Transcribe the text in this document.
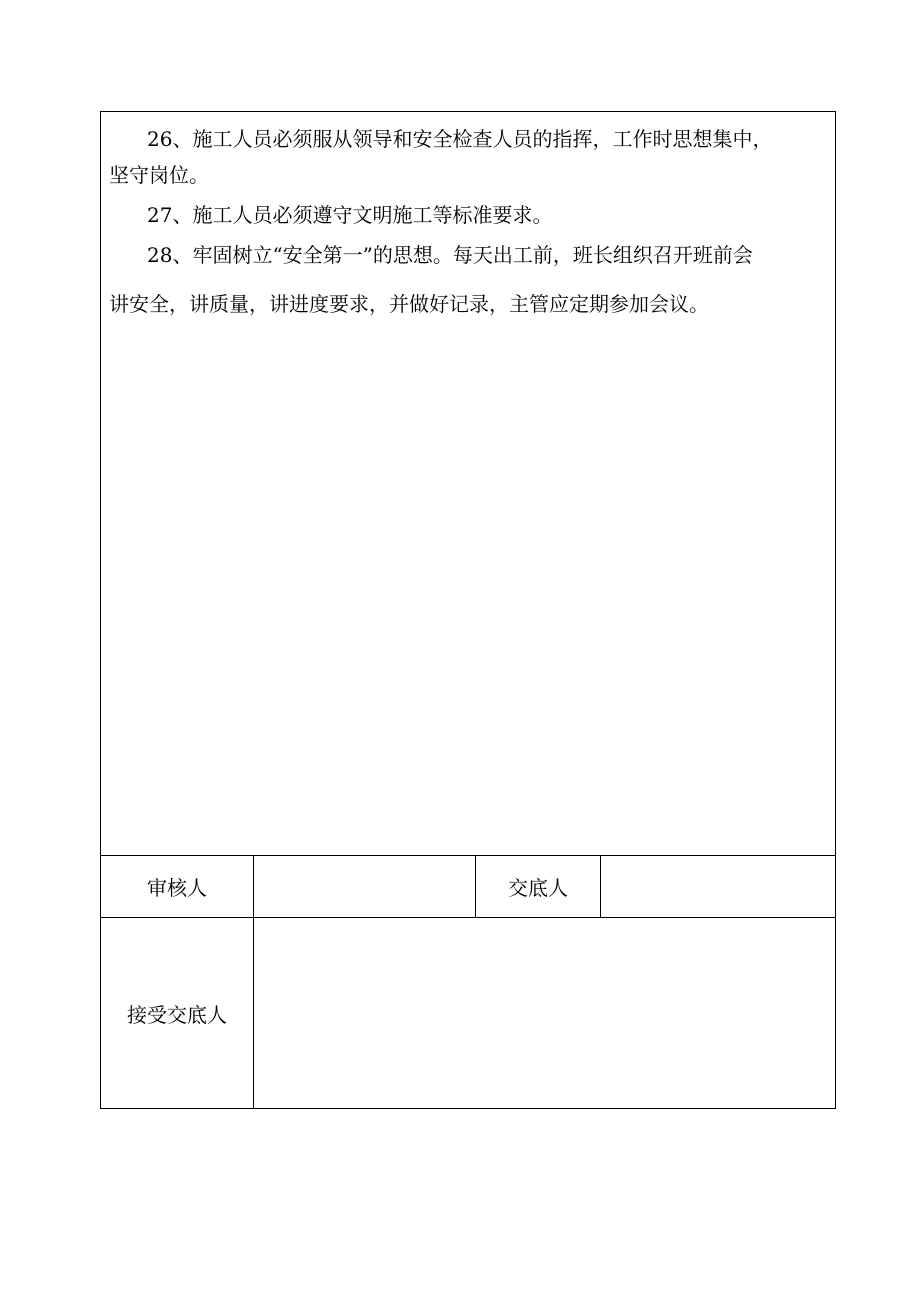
26、施工人员必须服从领导和安全检查人员的指挥，工作时思想集中，

坚守岗位。

27、施工人员必须遵守文明施工等标准要求。

28、牢固树立“安全第一”的思想。每天出工前，班长组织召开班前会

讲安全，讲质量，讲进度要求，并做好记录，主管应定期参加会议。

审核人	交底人
接受交底人
